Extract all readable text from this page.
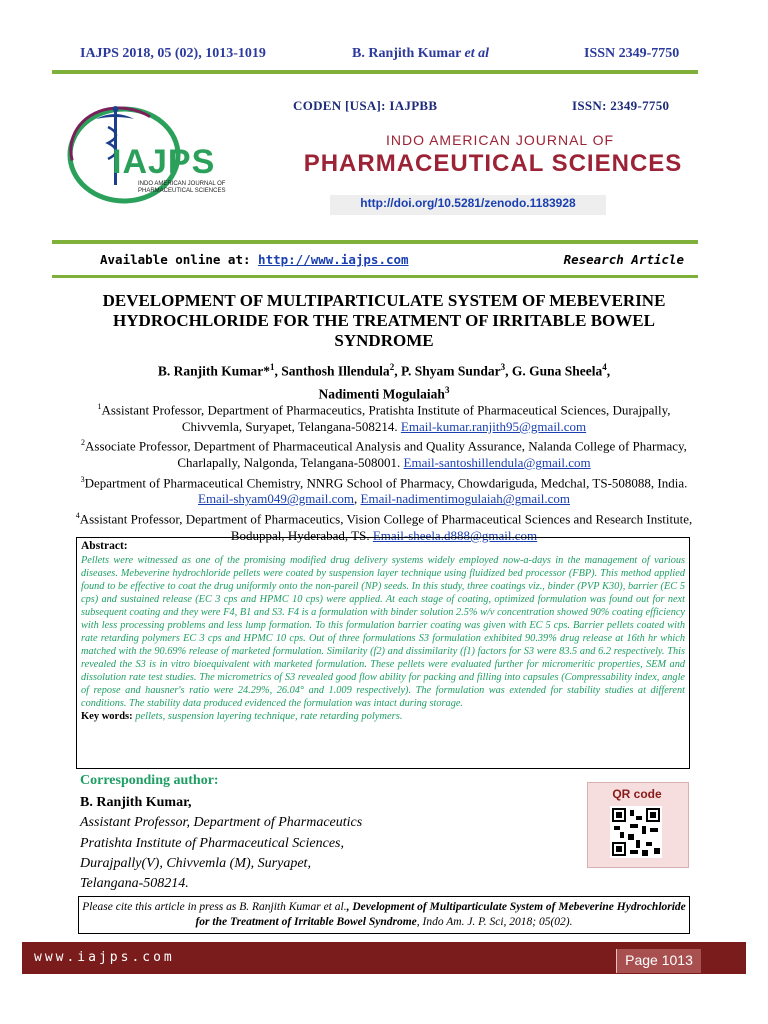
IAJPS 2018, 05 (02), 1013-1019	B. Ranjith Kumar et al	ISSN 2349-7750
IAJPS
INDO AMERICAN JOURNAL OF
PHARMACEUTICAL SCIENCES
CODEN [USA]: IAJPBB	ISSN: 2349-7750
INDO AMERICAN JOURNAL OF
PHARMACEUTICAL SCIENCES
http://doi.org/10.5281/zenodo.1183928
Available online at: http://www.iajps.com	Research Article
DEVELOPMENT OF MULTIPARTICULATE SYSTEM OF MEBEVERINE HYDROCHLORIDE FOR THE TREATMENT OF IRRITABLE BOWEL SYNDROME
B. Ranjith Kumar*$^1$, Santhosh Illendula$^2$, P. Shyam Sundar$^3$, G. Guna Sheela$^4$,
Nadimenti Mogulaiah$^3$
$^1$Assistant Professor, Department of Pharmaceutics, Pratishta Institute of Pharmaceutical Sciences, Durajpally, Chivvemla, Suryapet, Telangana-508214. Email-kumar.ranjith95@gmail.com
$^2$Associate Professor, Department of Pharmaceutical Analysis and Quality Assurance, Nalanda College of Pharmacy, Charlapally, Nalgonda, Telangana-508001. Email-santoshillendula@gmail.com
$^3$Department of Pharmaceutical Chemistry, NNRG School of Pharmacy, Chowdariguda, Medchal, TS-508088, India. Email-shyam049@gmail.com, Email-nadimentimogulaiah@gmail.com
$^4$Assistant Professor, Department of Pharmaceutics, Vision College of Pharmaceutical Sciences and Research Institute, Boduppal, Hyderabad, TS. Email-sheela.d888@gmail.com
Abstract:
Pellets were witnessed as one of the promising modified drug delivery systems widely employed now-a-days in the management of various diseases. Mebeverine hydrochloride pellets were coated by suspension layer technique using fluidized bed processor (FBP). This method applied found to be effective to coat the drug uniformly onto the non-pareil (NP) seeds. In this study, three coatings viz., binder (PVP K30), barrier (EC 5 cps) and sustained release (EC 3 cps and HPMC 10 cps) were applied. At each stage of coating, optimized formulation was found out for next subsequent coating and they were F4, B1 and S3. F4 is a formulation with binder solution 2.5% w/v concentration showed 90% coating efficiency with less processing problems and less lump formation. To this formulation barrier coating was given with EC 5 cps. Barrier pellets coated with rate retarding polymers EC 3 cps and HPMC 10 cps. Out of three formulations S3 formulation exhibited 90.39% drug release at 16th hr which matched with the 90.69% release of marketed formulation. Similarity (f2) and dissimilarity (f1) factors for S3 were 83.5 and 6.2 respectively. This revealed the S3 is in vitro bioequivalent with marketed formulation. These pellets were evaluated further for micromeritic properties, SEM and dissolution rate test studies. The micrometrics of S3 revealed good flow ability for packing and filling into capsules (Compressability index, angle of repose and hausner's ratio were 24.29%, 26.04° and 1.009 respectively). The formulation was extended for stability studies at different conditions. The stability data produced evidenced the formulation was intact during storage.
Key words: pellets, suspension layering technique, rate retarding polymers.
Corresponding author:
B. Ranjith Kumar,
Assistant Professor, Department of Pharmaceutics
Pratishta Institute of Pharmaceutical Sciences,
Durajpally(V), Chivvemla (M), Suryapet,
Telangana-508214.
QR code
Please cite this article in press as B. Ranjith Kumar et al., Development of Multiparticulate System of Mebeverine Hydrochloride for the Treatment of Irritable Bowel Syndrome, Indo Am. J. P. Sci, 2018; 05(02).
www.iajps.com	Page 1013
